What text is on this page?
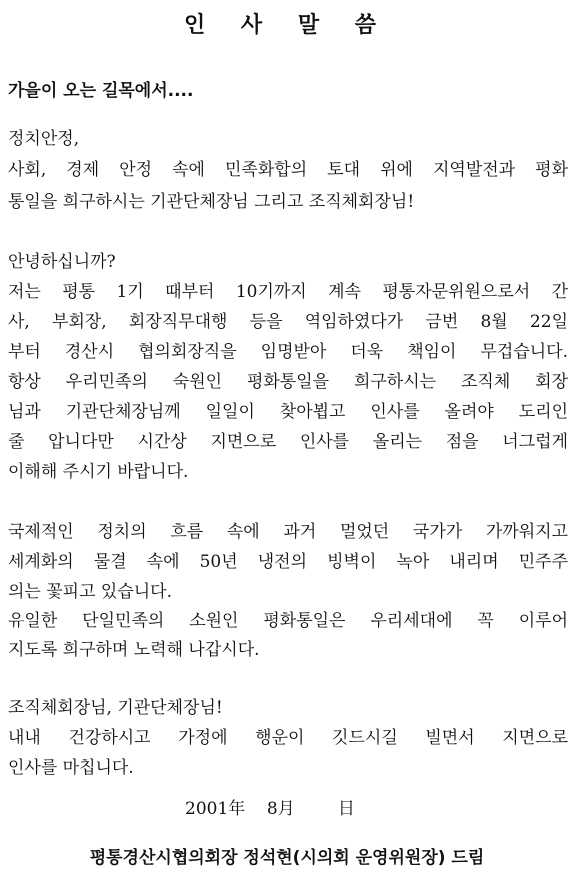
인 사 말 씀
가을이 오는 길목에서....
정치안정,
사회, 경제 안정 속에 민족화합의 토대 위에 지역발전과 평화
통일을 희구하시는 기관단체장님 그리고 조직체회장님!
안녕하십니까?
저는 평통 1기 때부터 10기까지 계속 평통자문위원으로서 간
사, 부회장, 회장직무대행 등을 역임하였다가 금번 8월 22일
부터 경산시 협의회장직을 임명받아 더욱 책임이 무겁습니다.
항상 우리민족의 숙원인 평화통일을 희구하시는 조직체 회장
님과 기관단체장님께 일일이 찾아뵙고 인사를 올려야 도리인
줄 압니다만 시간상 지면으로 인사를 올리는 점을 너그럽게
이해해 주시기 바랍니다.
국제적인 정치의 흐름 속에 과거 멀었던 국가가 가까워지고
세계화의 물결 속에 50년 냉전의 빙벽이 녹아 내리며 민주주
의는 꽃피고 있습니다.
유일한 단일민족의 소원인 평화통일은 우리세대에 꼭 이루어
지도록 희구하며 노력해 나갑시다.
조직체회장님, 기관단체장님!
내내 건강하시고 가정에 행운이 깃드시길 빌면서 지면으로
인사를 마칩니다.
2001年    8月        日
평통경산시협의회장 정석현(시의회 운영위원장) 드림
